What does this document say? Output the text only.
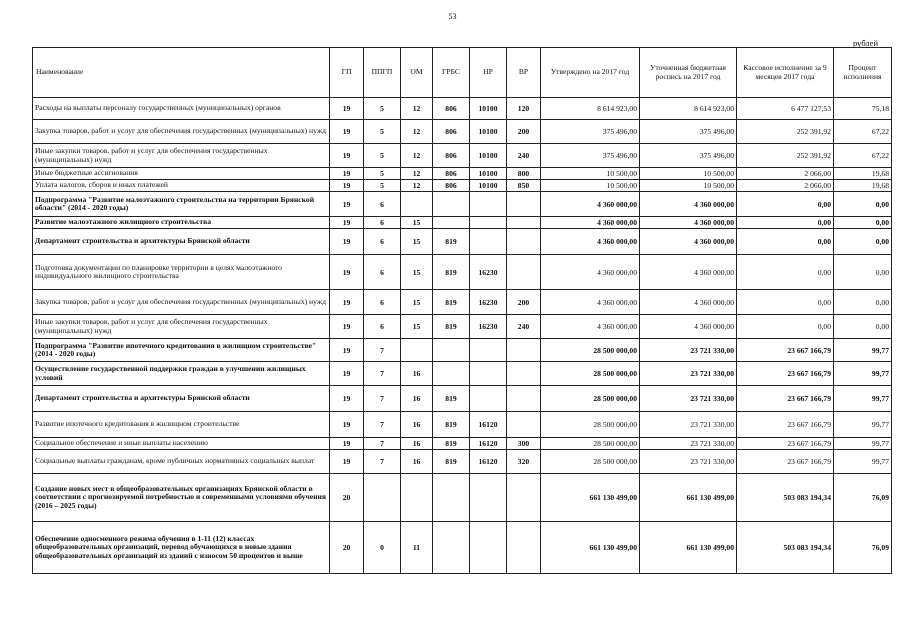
53
рублей
Наименование	ГП	ППГП	ОМ	ГРБС	НР	ВР	Утверждено на 2017 год	Уточненная бюджетная роспись на 2017 год	Кассовое исполнение за 9 месяцев 2017 года	Процент исполнения
Расходы на выплаты персоналу государственных (муниципальных) органов	19	5	12	806	10100	120	8 614 923,00	8 614 923,00	6 477 127,53	75,18
Закупка товаров, работ и услуг для обеспечения государственных (муниципальных) нужд	19	5	12	806	10100	200	375 496,00	375 496,00	252 391,92	67,22
Иные закупки товаров, работ и услуг для обеспечения государственных (муниципальных) нужд	19	5	12	806	10100	240	375 496,00	375 496,00	252 391,92	67,22
Иные бюджетные ассигнования	19	5	12	806	10100	800	10 500,00	10 500,00	2 066,00	19,68
Уплата налогов, сборов и иных платежей	19	5	12	806	10100	850	10 500,00	10 500,00	2 066,00	19,68
Подпрограмма "Развитие малоэтажного строительства на территории Брянской области" (2014 - 2020 годы)	19	6					4 360 000,00	4 360 000,00	0,00	0,00
Развитие малоэтажного жилищного строительства	19	6	15				4 360 000,00	4 360 000,00	0,00	0,00
Департамент строительства и архитектуры Брянской области	19	6	15	819			4 360 000,00	4 360 000,00	0,00	0,00
Подготовка документации по планировке территории в целях малоэтажного индивидуального жилищного строительства	19	6	15	819	16230		4 360 000,00	4 360 000,00	0,00	0,00
Закупка товаров, работ и услуг для обеспечения государственных (муниципальных) нужд	19	6	15	819	16230	200	4 360 000,00	4 360 000,00	0,00	0,00
Иные закупки товаров, работ и услуг для обеспечения государственных (муниципальных) нужд	19	6	15	819	16230	240	4 360 000,00	4 360 000,00	0,00	0,00
Подпрограмма "Развитие ипотечного кредитования в жилищном строительстве" (2014 - 2020 годы)	19	7					28 500 000,00	23 721 330,00	23 667 166,79	99,77
Осуществление государственной поддержки граждан в улучшении жилищных условий	19	7	16				28 500 000,00	23 721 330,00	23 667 166,79	99,77
Департамент строительства и архитектуры Брянской области	19	7	16	819			28 500 000,00	23 721 330,00	23 667 166,79	99,77
Развитие ипотечного кредитования в жилищном строительстве	19	7	16	819	16120		28 500 000,00	23 721 330,00	23 667 166,79	99,77
Социальное обеспечение и иные выплаты населению	19	7	16	819	16120	300	28 500 000,00	23 721 330,00	23 667 166,79	99,77
Социальные выплаты гражданам, кроме публичных нормативных социальных выплат	19	7	16	819	16120	320	28 500 000,00	23 721 330,00	23 667 166,79	99,77
Создание новых мест в общеобразовательных организациях Брянской области в соответствии с прогнозируемой потребностью и современными условиями обучения (2016 – 2025 годы)	20						661 130 499,00	661 130 499,00	503 083 194,34	76,09
Обеспечение односменного режима обучения в 1-11 (12) классах общеобразовательных организаций, перевод обучающихся в новые здания общеобразовательных организаций из зданий с износом 50 процентов и выше	20	0	11				661 130 499,00	661 130 499,00	503 083 194,34	76,09
